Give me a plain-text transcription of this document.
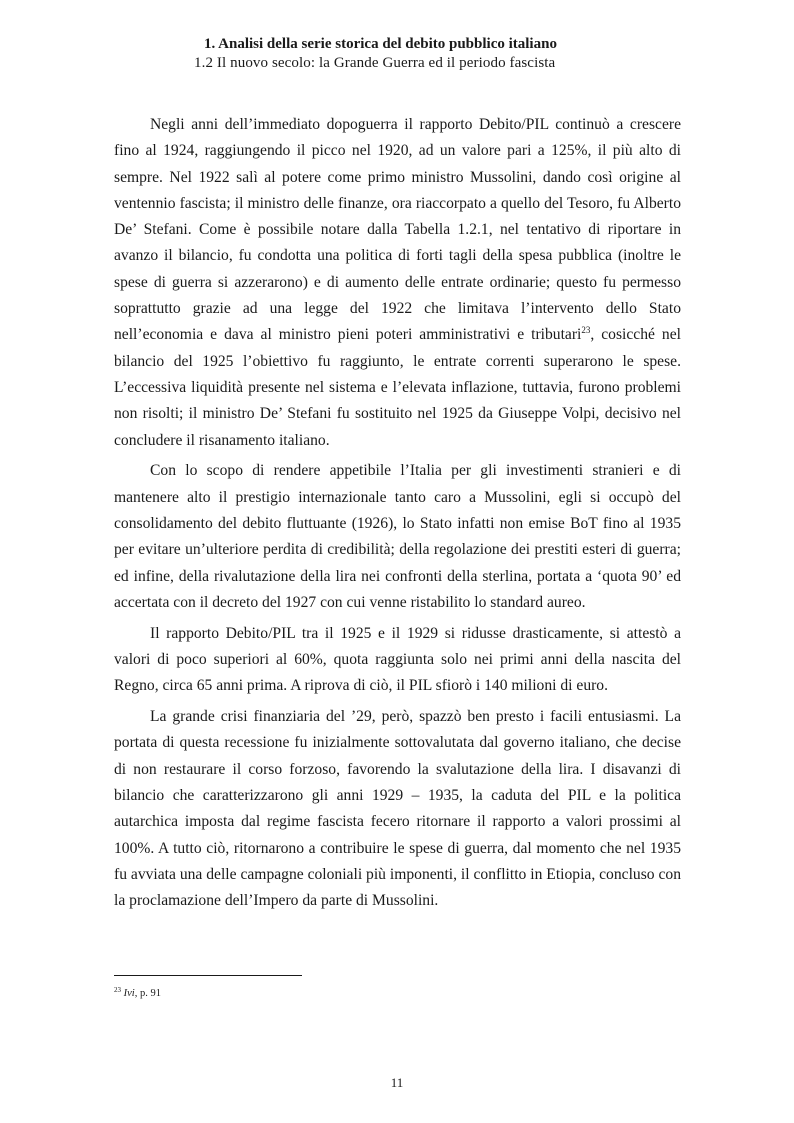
1. Analisi della serie storica del debito pubblico italiano
1.2 Il nuovo secolo: la Grande Guerra ed il periodo fascista

Negli anni dell’immediato dopoguerra il rapporto Debito/PIL continuò a crescere fino al 1924, raggiungendo il picco nel 1920, ad un valore pari a 125%, il più alto di sempre. Nel 1922 salì al potere come primo ministro Mussolini, dando così origine al ventennio fascista; il ministro delle finanze, ora riaccorpato a quello del Tesoro, fu Alberto De’ Stefani. Come è possibile notare dalla Tabella 1.2.1, nel tentativo di riportare in avanzo il bilancio, fu condotta una politica di forti tagli della spesa pubblica (inoltre le spese di guerra si azzerarono) e di aumento delle entrate ordinarie; questo fu permesso soprattutto grazie ad una legge del 1922 che limitava l’intervento dello Stato nell’economia e dava al ministro pieni poteri amministrativi e tributari$^{23}$, cosicché nel bilancio del 1925 l’obiettivo fu raggiunto, le entrate correnti superarono le spese. L’eccessiva liquidità presente nel sistema e l’elevata inflazione, tuttavia, furono problemi non risolti; il ministro De’ Stefani fu sostituito nel 1925 da Giuseppe Volpi, decisivo nel concludere il risanamento italiano.

Con lo scopo di rendere appetibile l’Italia per gli investimenti stranieri e di mantenere alto il prestigio internazionale tanto caro a Mussolini, egli si occupò del consolidamento del debito fluttuante (1926), lo Stato infatti non emise BoT fino al 1935 per evitare un’ulteriore perdita di credibilità; della regolazione dei prestiti esteri di guerra; ed infine, della rivalutazione della lira nei confronti della sterlina, portata a ‘quota 90’ ed accertata con il decreto del 1927 con cui venne ristabilito lo standard aureo.

Il rapporto Debito/PIL tra il 1925 e il 1929 si ridusse drasticamente, si attestò a valori di poco superiori al 60%, quota raggiunta solo nei primi anni della nascita del Regno, circa 65 anni prima. A riprova di ciò, il PIL sfiorò i 140 milioni di euro.

La grande crisi finanziaria del ’29, però, spazzò ben presto i facili entusiasmi. La portata di questa recessione fu inizialmente sottovalutata dal governo italiano, che decise di non restaurare il corso forzoso, favorendo la svalutazione della lira. I disavanzi di bilancio che caratterizzarono gli anni 1929 – 1935, la caduta del PIL e la politica autarchica imposta dal regime fascista fecero ritornare il rapporto a valori prossimi al 100%. A tutto ciò, ritornarono a contribuire le spese di guerra, dal momento che nel 1935 fu avviata una delle campagne coloniali più imponenti, il conflitto in Etiopia, concluso con la proclamazione dell’Impero da parte di Mussolini.

$^{23}$ Ivi, p. 91
11
